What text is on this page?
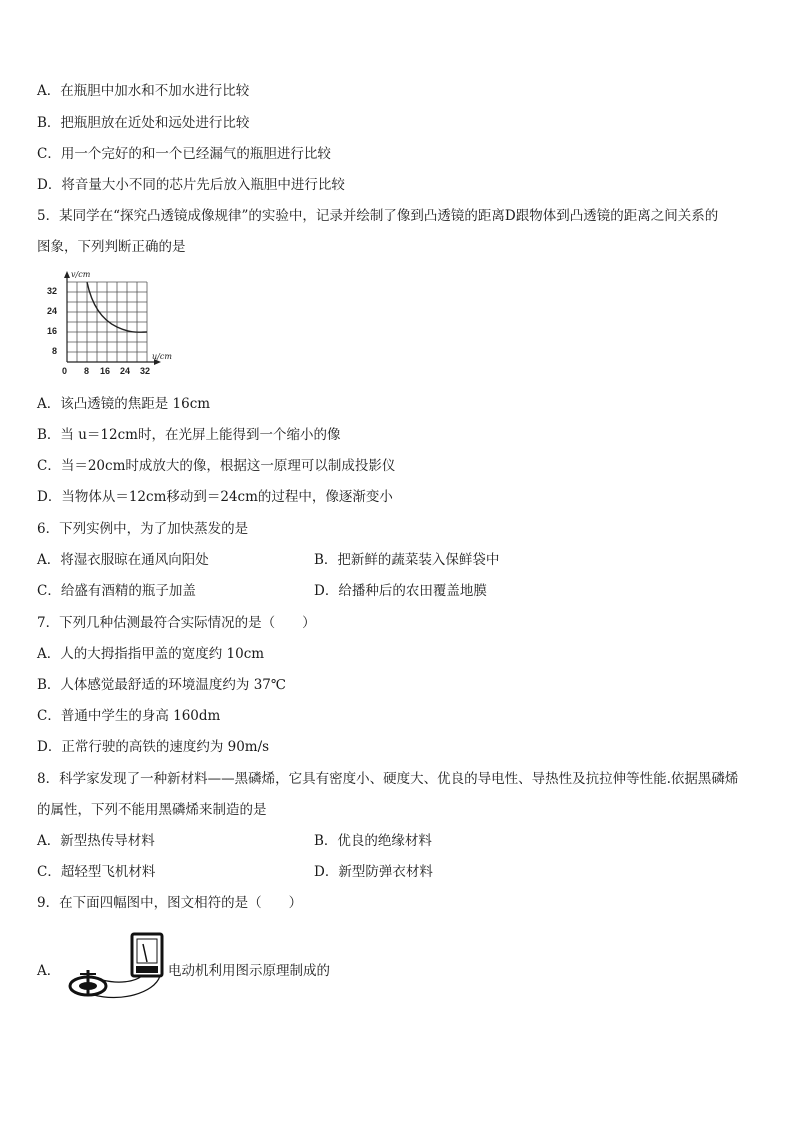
A．在瓶胆中加水和不加水进行比较
B．把瓶胆放在近处和远处进行比较
C．用一个完好的和一个已经漏气的瓶胆进行比较
D．将音量大小不同的芯片先后放入瓶胆中进行比较
5．某同学在“探究凸透镜成像规律”的实验中，记录并绘制了像到凸透镜的距离D跟物体到凸透镜的距离之间关系的
图象，下列判断正确的是
v/cm
u/cm
32
24
16
8
0 8 16 24 32
A．该凸透镜的焦距是 16cm
B．当 u＝12cm时，在光屏上能得到一个缩小的像
C．当＝20cm时成放大的像，根据这一原理可以制成投影仪
D．当物体从＝12cm移动到＝24cm的过程中，像逐渐变小
6．下列实例中，为了加快蒸发的是
A．将湿衣服晾在通风向阳处	B．把新鲜的蔬菜装入保鲜袋中
C．给盛有酒精的瓶子加盖	D．给播种后的农田覆盖地膜
7．下列几种估测最符合实际情况的是（　　）
A．人的大拇指指甲盖的宽度约 10cm
B．人体感觉最舒适的环境温度约为 37℃
C．普通中学生的身高 160dm
D．正常行驶的高铁的速度约为 90m/s
8．科学家发现了一种新材料——黑磷烯，它具有密度小、硬度大、优良的导电性、导热性及抗拉伸等性能.依据黑磷烯
的属性，下列不能用黑磷烯来制造的是
A．新型热传导材料	B．优良的绝缘材料
C．超轻型飞机材料	D．新型防弹衣材料
9．在下面四幅图中，图文相符的是（　　）
A．	电动机利用图示原理制成的
